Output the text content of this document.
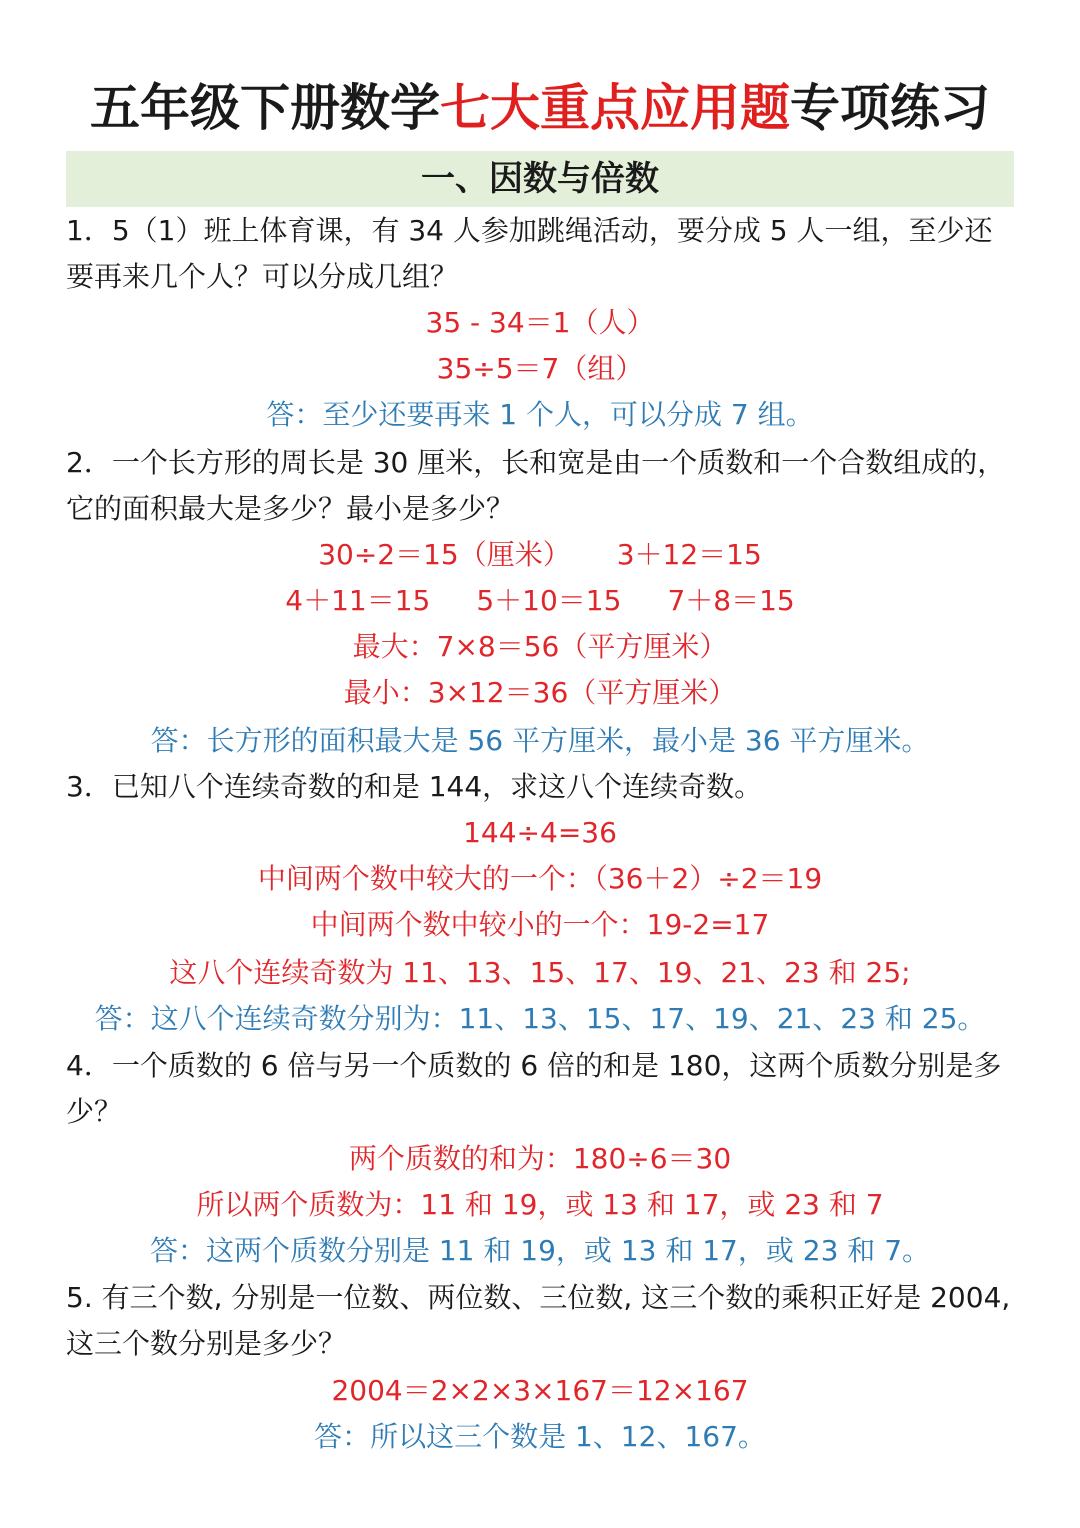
五年级下册数学七大重点应用题专项练习
一、因数与倍数
1．5（1）班上体育课，有 34 人参加跳绳活动，要分成 5 人一组，至少还
要再来几个人？可以分成几组？
35 - 34＝1（人）
35÷5＝7（组）
答：至少还要再来 1 个人，可以分成 7 组。
2．一个长方形的周长是 30 厘米，长和宽是由一个质数和一个合数组成的，
它的面积最大是多少？最小是多少？
30÷2＝15（厘米） 3＋12＝15
4＋11＝15 5＋10＝15 7＋8＝15
最大：7×8＝56（平方厘米）
最小：3×12＝36（平方厘米）
答：长方形的面积最大是 56 平方厘米，最小是 36 平方厘米。
3．已知八个连续奇数的和是 144，求这八个连续奇数。
144÷4=36
中间两个数中较大的一个：（36＋2）÷2＝19
中间两个数中较小的一个：19-2=17
这八个连续奇数为 11、13、15、17、19、21、23 和 25;
答：这八个连续奇数分别为：11、13、15、17、19、21、23 和 25。
4．一个质数的 6 倍与另一个质数的 6 倍的和是 180，这两个质数分别是多
少？
两个质数的和为：180÷6＝30
所以两个质数为：11 和 19，或 13 和 17，或 23 和 7
答：这两个质数分别是 11 和 19，或 13 和 17，或 23 和 7。
5. 有三个数, 分别是一位数、两位数、三位数, 这三个数的乘积正好是 2004,
这三个数分别是多少？
2004＝2×2×3×167＝12×167
答：所以这三个数是 1、12、167。
